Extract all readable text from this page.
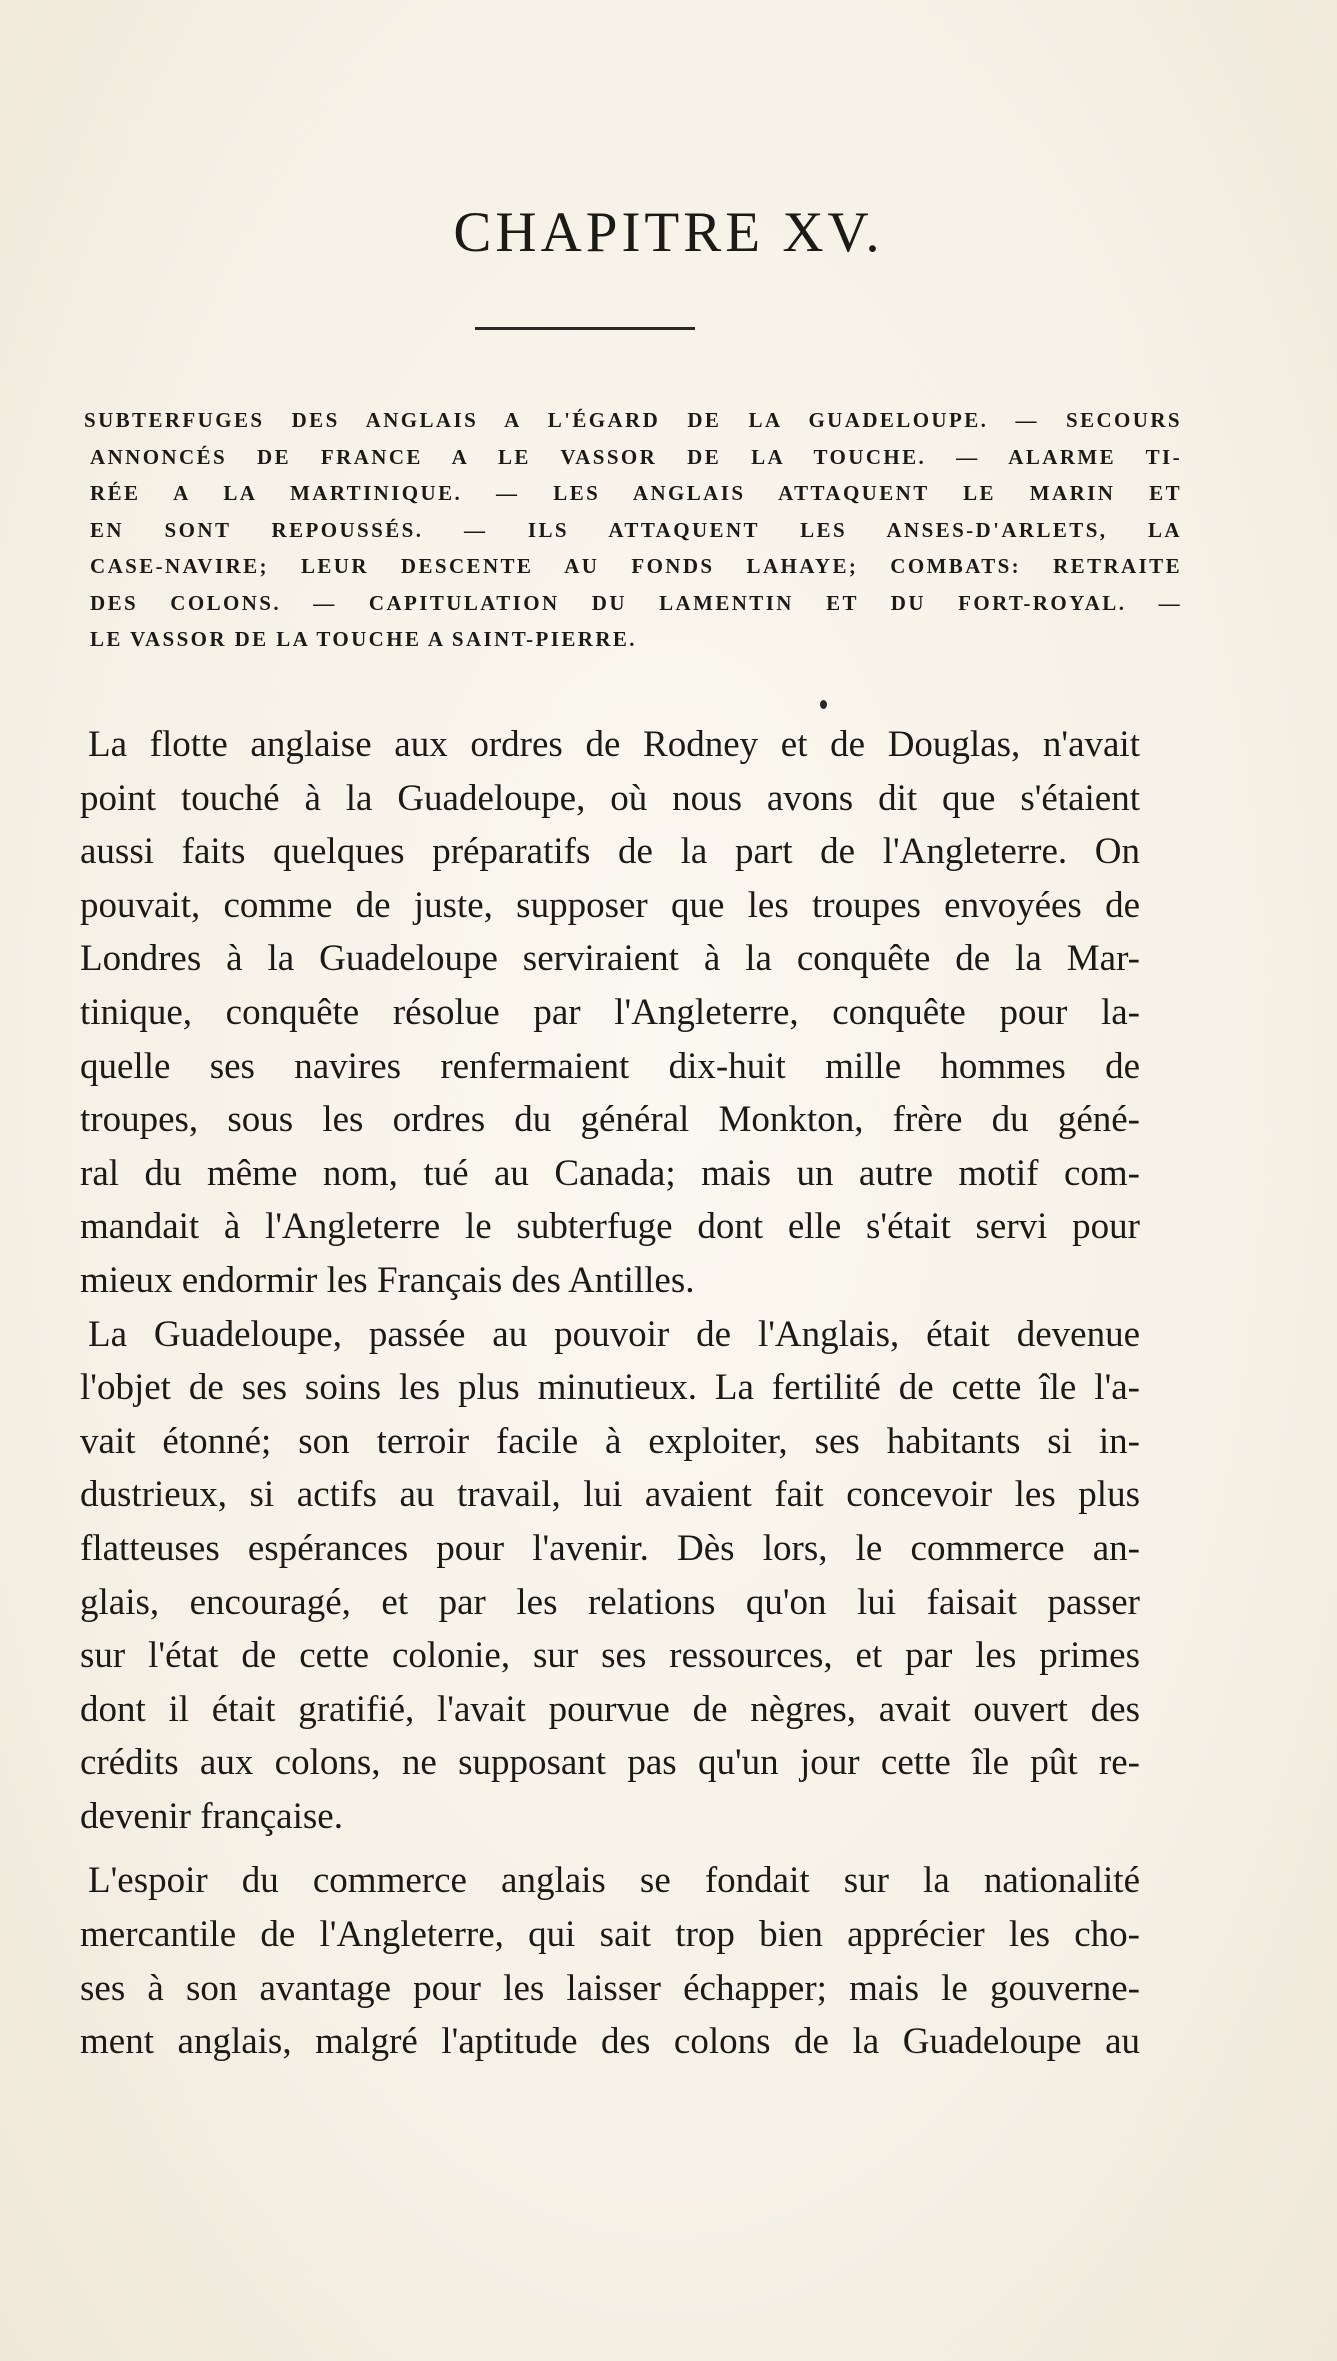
CHAPITRE XV.
SUBTERFUGES DES ANGLAIS A L'ÉGARD DE LA GUADELOUPE. — SECOURS
ANNONCÉS DE FRANCE A LE VASSOR DE LA TOUCHE. — ALARME TI-
RÉE A LA MARTINIQUE. — LES ANGLAIS ATTAQUENT LE MARIN ET
EN SONT REPOUSSÉS. — ILS ATTAQUENT LES ANSES-D'ARLETS, LA
CASE-NAVIRE; LEUR DESCENTE AU FONDS LAHAYE; COMBATS: RETRAITE
DES COLONS. — CAPITULATION DU LAMENTIN ET DU FORT-ROYAL. —
LE VASSOR DE LA TOUCHE A SAINT-PIERRE.
La flotte anglaise aux ordres de Rodney et de Douglas, n'avait
point touché à la Guadeloupe, où nous avons dit que s'étaient
aussi faits quelques préparatifs de la part de l'Angleterre. On
pouvait, comme de juste, supposer que les troupes envoyées de
Londres à la Guadeloupe serviraient à la conquête de la Mar-
tinique, conquête résolue par l'Angleterre, conquête pour la-
quelle ses navires renfermaient dix-huit mille hommes de
troupes, sous les ordres du général Monkton, frère du géné-
ral du même nom, tué au Canada; mais un autre motif com-
mandait à l'Angleterre le subterfuge dont elle s'était servi pour
mieux endormir les Français des Antilles.
La Guadeloupe, passée au pouvoir de l'Anglais, était devenue
l'objet de ses soins les plus minutieux. La fertilité de cette île l'a-
vait étonné; son terroir facile à exploiter, ses habitants si in-
dustrieux, si actifs au travail, lui avaient fait concevoir les plus
flatteuses espérances pour l'avenir. Dès lors, le commerce an-
glais, encouragé, et par les relations qu'on lui faisait passer
sur l'état de cette colonie, sur ses ressources, et par les primes
dont il était gratifié, l'avait pourvue de nègres, avait ouvert des
crédits aux colons, ne supposant pas qu'un jour cette île pût re-
devenir française.
L'espoir du commerce anglais se fondait sur la nationalité
mercantile de l'Angleterre, qui sait trop bien apprécier les cho-
ses à son avantage pour les laisser échapper; mais le gouverne-
ment anglais, malgré l'aptitude des colons de la Guadeloupe au
